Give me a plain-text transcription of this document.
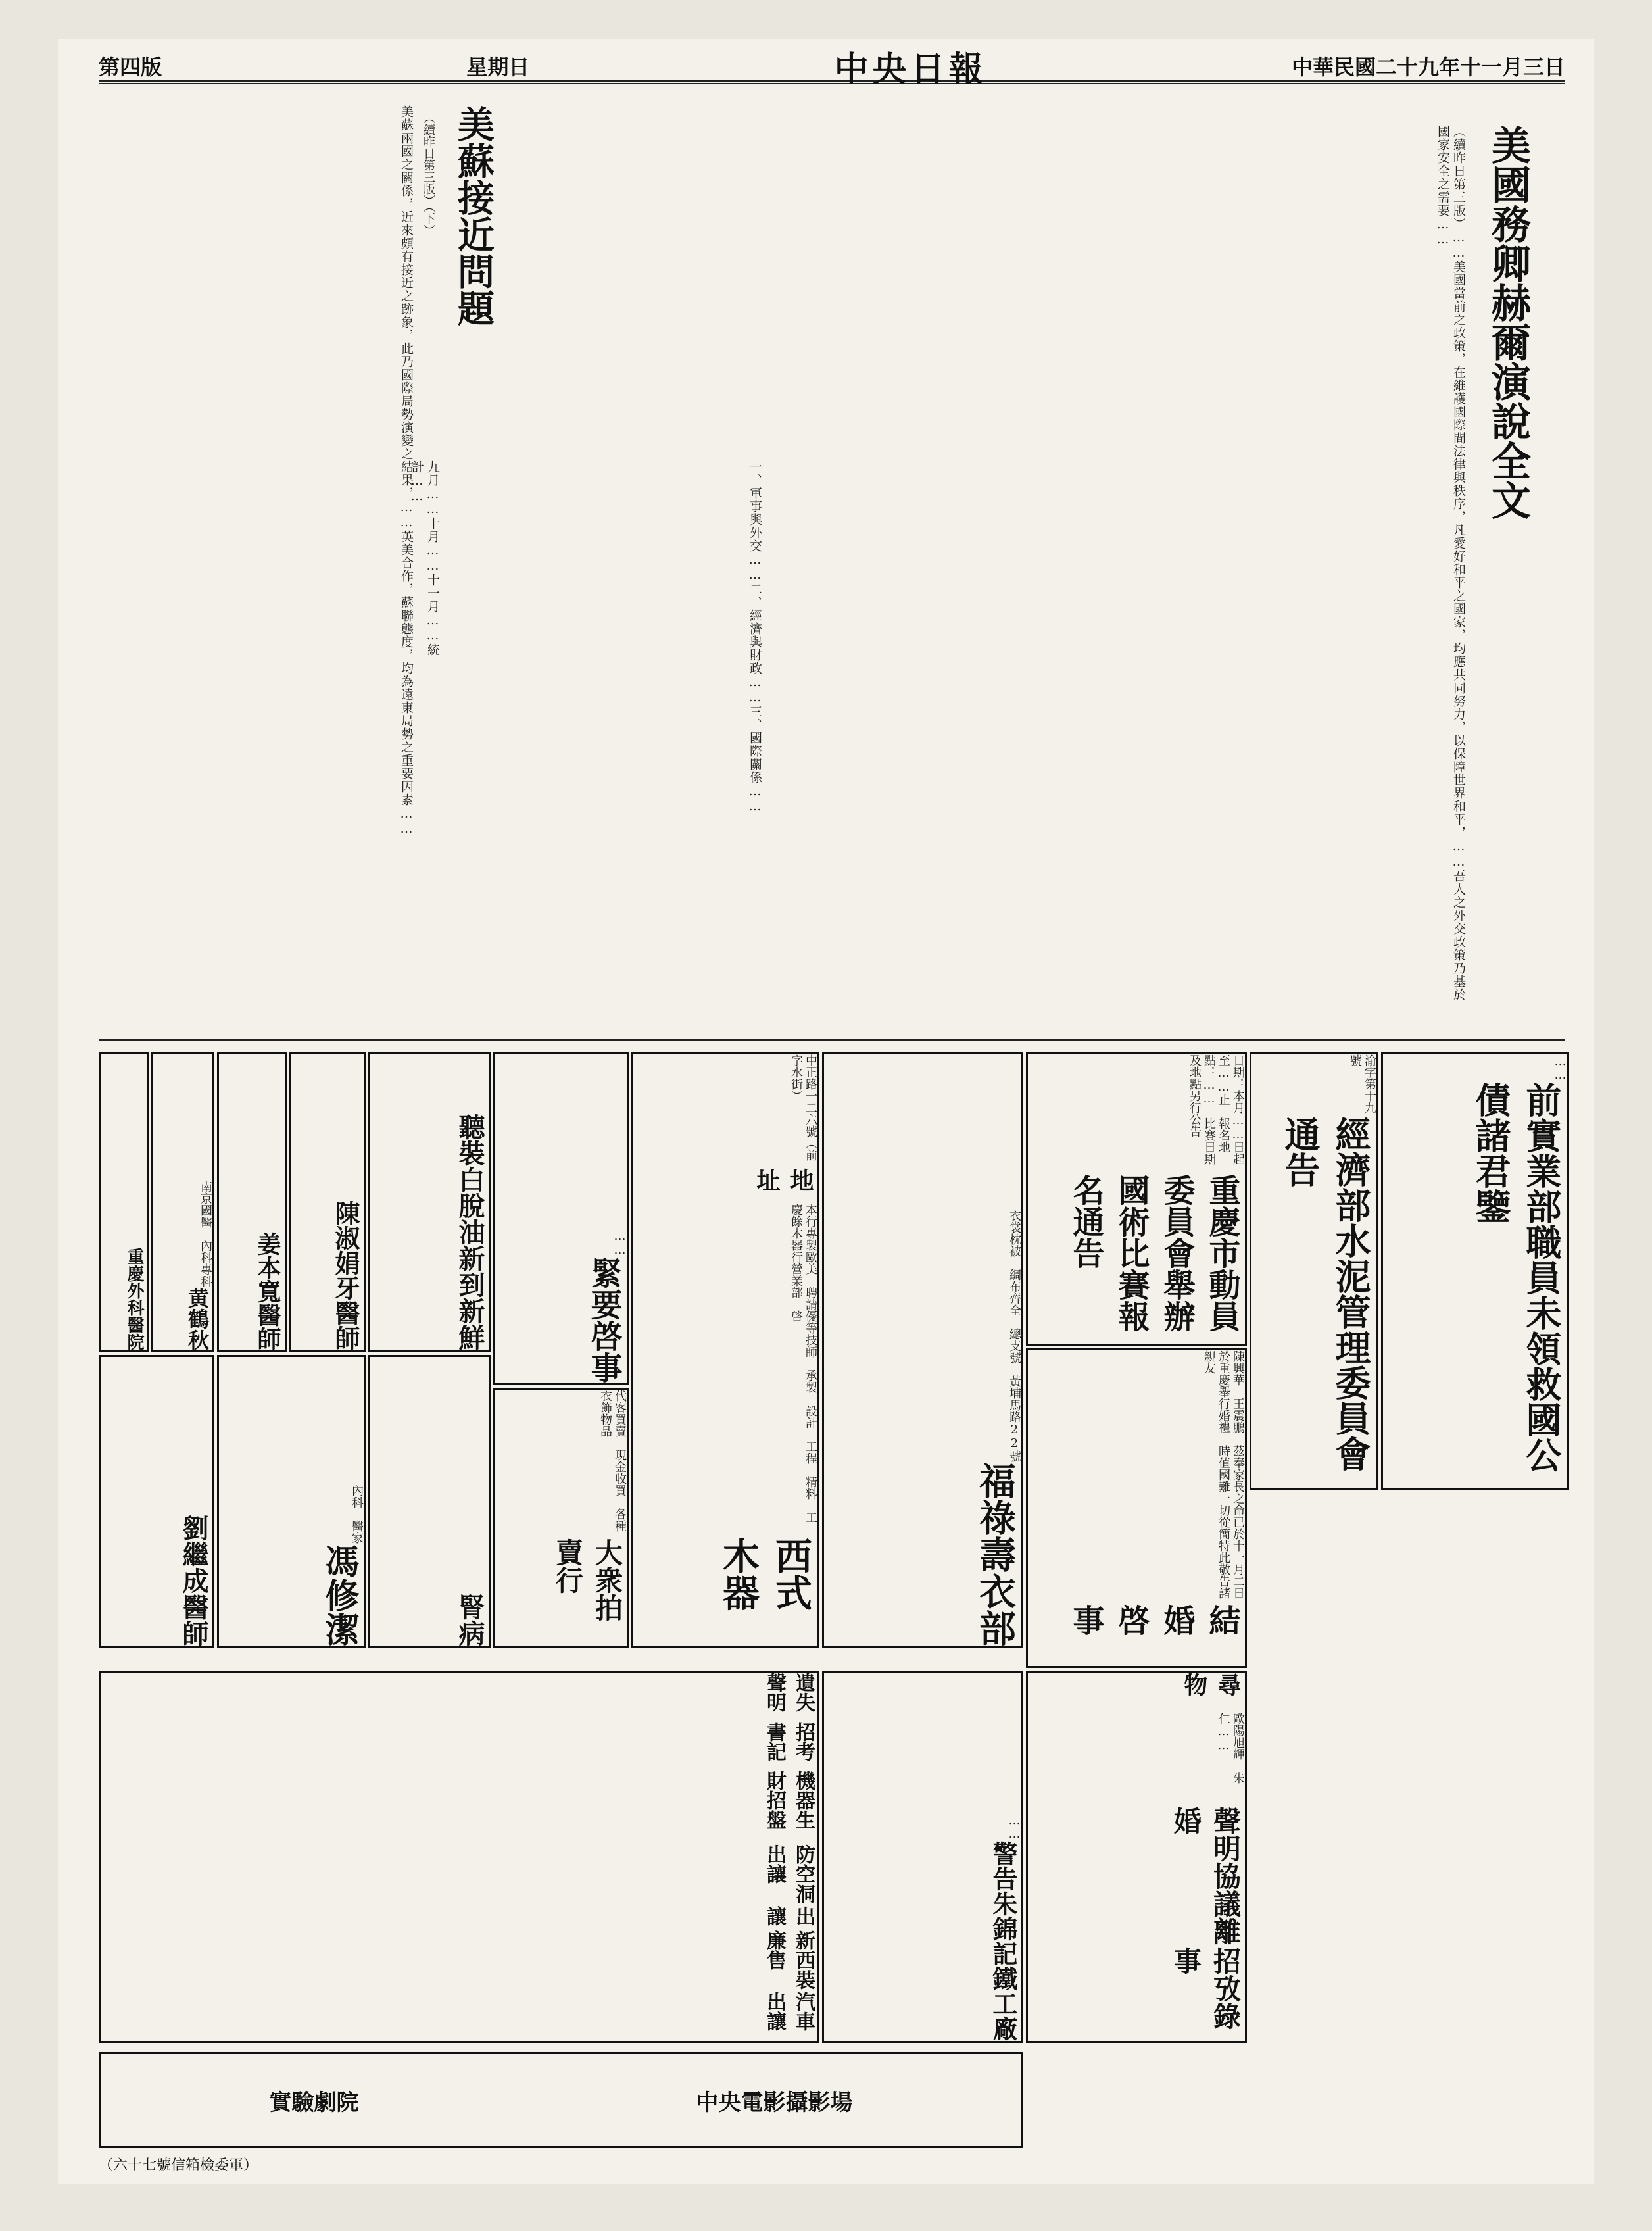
中華民國二十九年十一月三日
中央日報
星期日
第四版
美國務卿赫爾演說全文
（續昨日第三版）……美國當前之政策，在維護國際間法律與秩序，凡愛好和平之國家，均應共同努力，以保障世界和平，……吾人之外交政策乃基於國家安全之需要……
美蘇接近問題
（續昨日第三版）（下）
美蘇兩國之關係，近來頗有接近之跡象，此乃國際局勢演變之結果，……英美合作，蘇聯態度，均為遠東局勢之重要因素……	一、軍事與外交……二、經濟與財政……三、國際關係……
九月……十月……十一月……統計……
前實業部職員未領救國公債諸君鑒
……
經濟部水泥管理委員會通告
渝字第十九號
重慶市動員委員會舉辦國術比賽報名通告
日期：本月……日起至……止　報名地點：……　比賽日期及地點另行公告
結婚啓事
陳興華　王震鵬　茲奉家長之命已於十一月二日於重慶舉行婚禮　時值國難一切從簡特此敬告諸親友
福祿壽衣部
衣裳枕被　綢布齊全　總支號　黃埔馬路22號
西式木器
本行專製歐美　聘請優等技師　承製　設計　工程　精料　工　慶餘木器行營業部　啓
地址
中正路一二六號（前字水街）
緊要啓事
……
大衆拍賣行
代客買賣　現金收買　各種衣飾物品
新到新鮮
聽裝白脫油
陳淑娟牙醫師
姜本寬醫師
黄鶴秋
南京國醫　內科專科
重慶外科醫院
腎病
馮修潔
內科　醫家
劉繼成醫師
招攷錄事
聲明協議離婚
歐陽旭輝　朱仁……
尋物
警告朱錦記鐵工廠
……
汽車出讓
新西裝廉售
出讓
防空洞出讓
機器生財招盤
招考書記
遺失聲明
實驗劇院	中央電影攝影場
（六十七號信箱檢委軍）
